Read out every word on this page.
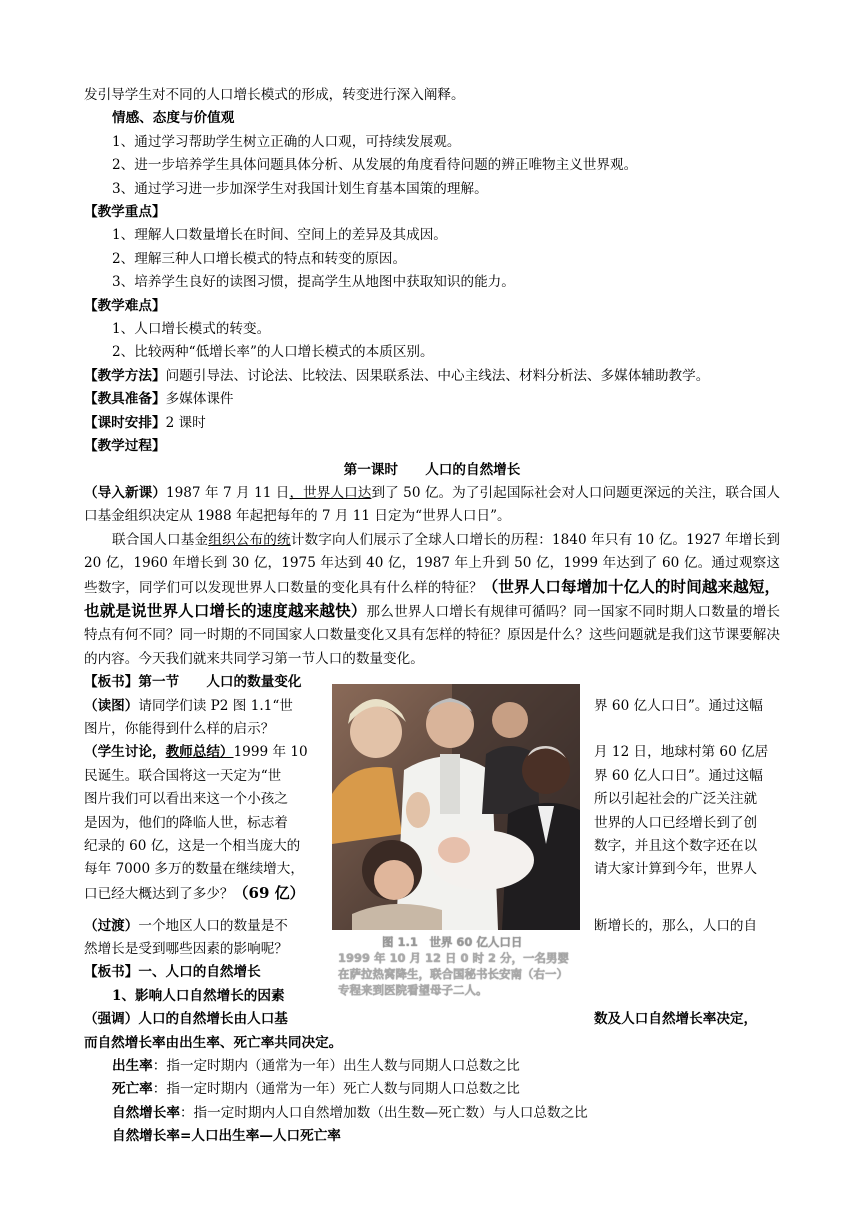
发引导学生对不同的人口增长模式的形成，转变进行深入阐释。
情感、态度与价值观
1、通过学习帮助学生树立正确的人口观，可持续发展观。
2、进一步培养学生具体问题具体分析、从发展的角度看待问题的辨正唯物主义世界观。
3、通过学习进一步加深学生对我国计划生育基本国策的理解。
【教学重点】
1、理解人口数量增长在时间、空间上的差异及其成因。
2、理解三种人口增长模式的特点和转变的原因。
3、培养学生良好的读图习惯，提高学生从地图中获取知识的能力。
【教学难点】
1、人口增长模式的转变。
2、比较两种“低增长率”的人口增长模式的本质区别。
【教学方法】问题引导法、讨论法、比较法、因果联系法、中心主线法、材料分析法、多媒体辅助教学。
【教具准备】多媒体课件
【课时安排】2 课时
【教学过程】
第一课时　　人口的自然增长
（导入新课）1987 年 7 月 11 日，世界人口达到了 50 亿。为了引起国际社会对人口问题更深远的关注，联合国人口基金组织决定从 1988 年起把每年的 7 月 11 日定为“世界人口日”。
联合国人口基金组织公布的统计数字向人们展示了全球人口增长的历程：1840 年只有 10 亿。1927 年增长到 20 亿，1960 年增长到 30 亿，1975 年达到 40 亿，1987 年上升到 50 亿，1999 年达到了 60 亿。通过观察这些数字，同学们可以发现世界人口数量的变化具有什么样的特征？（世界人口每增加十亿人的时间越来越短，也就是说世界人口增长的速度越来越快）那么世界人口增长有规律可循吗？同一国家不同时期人口数量的增长特点有何不同？同一时期的不同国家人口数量变化又具有怎样的特征？原因是什么？这些问题就是我们这节课要解决的内容。今天我们就来共同学习第一节人口的数量变化。
【板书】第一节　　人口的数量变化
（读图）请同学们读 P2 图 1.1“世	界 60 亿人口日”。通过这幅
图片，你能得到什么样的启示？
（学生讨论，教师总结）1999 年 10	月 12 日，地球村第 60 亿居
民诞生。联合国将这一天定为“世	界 60 亿人口日”。通过这幅
图片我们可以看出来这一个小孩之	所以引起社会的广泛关注就
是因为，他们的降临人世，标志着	世界的人口已经增长到了创
纪录的 60 亿，这是一个相当庞大的	数字，并且这个数字还在以
每年 7000 多万的数量在继续增大，	请大家计算到今年，世界人
口已经大概达到了多少？（69 亿）
（过渡）一个地区人口的数量是不	断增长的，那么，人口的自
然增长是受到哪些因素的影响呢？
【板书】一、人口的自然增长
1、影响人口自然增长的因素
（强调）人口的自然增长由人口基	数及人口自然增长率决定，
而自然增长率由出生率、死亡率共同决定。
出生率：指一定时期内（通常为一年）出生人数与同期人口总数之比
死亡率：指一定时期内（通常为一年）死亡人数与同期人口总数之比
自然增长率：指一定时期内人口自然增加数（出生数—死亡数）与人口总数之比
自然增长率=人口出生率—人口死亡率
图 1.1　世界 60 亿人口日
1999 年 10 月 12 日 0 时 2 分，一名男婴在萨拉热窝降生，联合国秘书长安南（右一）专程来到医院看望母子二人。
